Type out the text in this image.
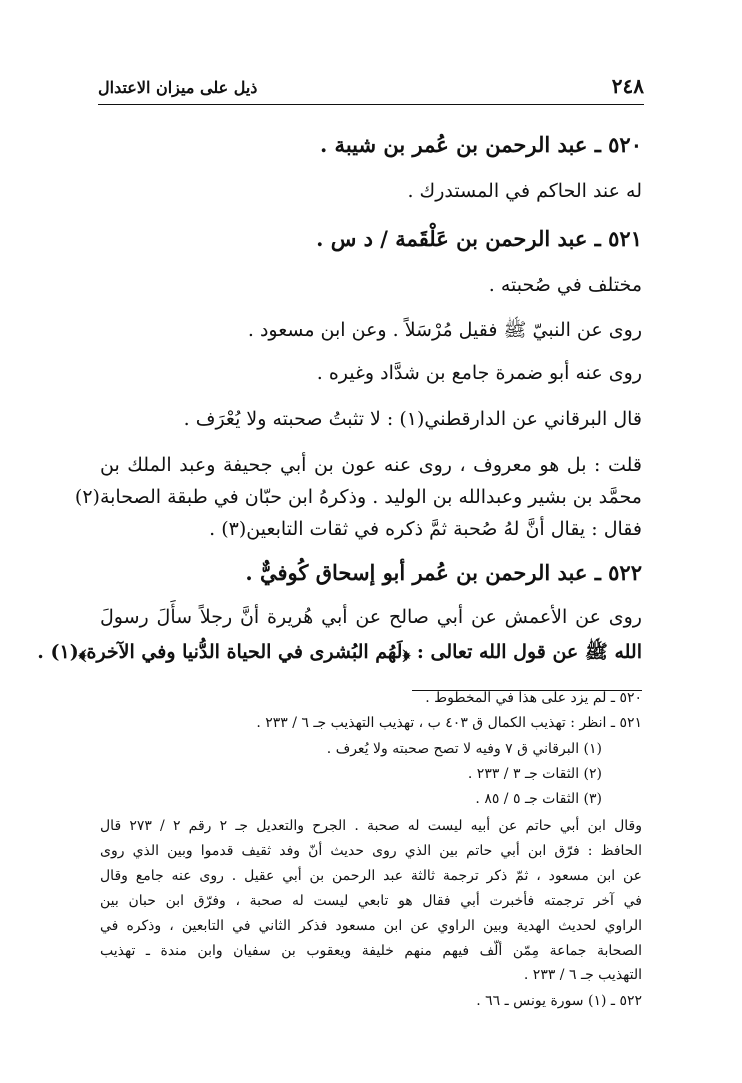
٢٤٨
ذيل على ميزان الاعتدال
٥٢٠ ـ عبد الرحمن بن عُمر بن شيبة .
له عند الحاكم في المستدرك .
٥٢١ ـ عبد الرحمن بن عَلْقَمة / د س .
مختلف في صُحبته .
روى عن النبيّ ﷺ فقيل مُرْسَلاً . وعن ابن مسعود .
روى عنه أبو ضمرة جامع بن شدَّاد وغيره .
قال البرقاني عن الدارقطني(١) : لا تثبتُ صحبته ولا يُعْرَف .
قلت : بل هو معروف ، روى عنه عون بن أبي جحيفة وعبد الملك بن
محمَّد بن بشير وعبدالله بن الوليد . وذكرهُ ابن حبّان في طبقة الصحابة(٢)
فقال : يقال أنَّ لهُ صُحبة ثمَّ ذكره في ثقات التابعين(٣) .
٥٢٢ ـ عبد الرحمن بن عُمر أبو إسحاق كُوفيٌّ .
روى عن الأعمش عن أبي صالح عن أبي هُريرة أنَّ رجلاً سأَلَ رسولَ
الله ﷺ عن قول الله تعالى : ﴿لَهُم البُشرى في الحياة الدُّنيا وفي الآخرة﴾(١) .
٥٢٠ ـ لم يزد على هذا في المخطوط .
٥٢١ ـ انظر : تهذيب الكمال ق ٤٠٣ ب ، تهذيب التهذيب جـ ٦ / ٢٣٣ .
(١) البرقاني ق ٧ وفيه لا تصح صحبته ولا يُعرف .
(٢) الثقات جـ ٣ / ٢٣٣ .
(٣) الثقات جـ ٥ / ٨٥ .
وقال ابن أبي حاتم عن أبيه ليست له صحبة . الجرح والتعديل جـ ٢ رقم ٢ / ٢٧٣ قال
الحافظ : فرّق ابن أبي حاتم بين الذي روى حديث أنّ وفد ثقيف قدموا وبين الذي روى
عن ابن مسعود ، ثمّ ذكر ترجمة ثالثة عبد الرحمن بن أبي عقيل . روى عنه جامع وقال
في آخر ترجمته فأخبرت أبي فقال هو تابعي ليست له صحبة ، وفرّق ابن حبان بين
الراوي لحديث الهدية وبين الراوي عن ابن مسعود فذكر الثاني في التابعين ، وذكره في
الصحابة جماعة مِمّن ألّف فيهم منهم خليفة ويعقوب بن سفيان وابن مندة ـ تهذيب
التهذيب جـ ٦ / ٢٣٣ .
٥٢٢ ـ (١) سورة يونس ـ ٦٦ .
